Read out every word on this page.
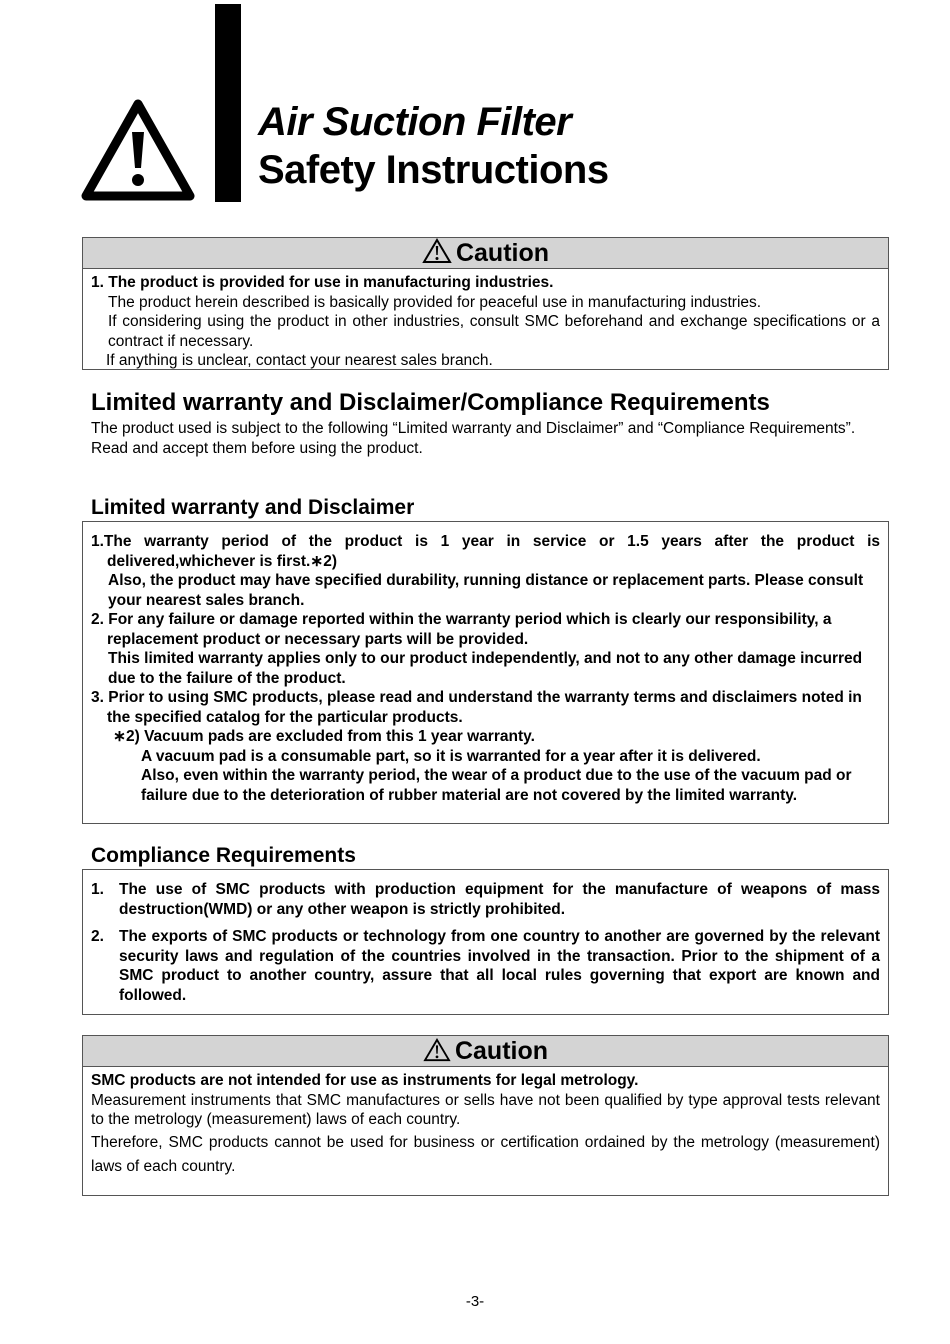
Air Suction Filter
Safety Instructions
Caution
1. The product is provided for use in manufacturing industries.
The product herein described is basically provided for peaceful use in manufacturing industries.
If considering using the product in other industries, consult SMC beforehand and exchange specifications or a contract if necessary.
If anything is unclear, contact your nearest sales branch.
Limited warranty and Disclaimer/Compliance Requirements
The product used is subject to the following “Limited warranty and Disclaimer” and “Compliance Requirements”.
Read and accept them before using the product.
Limited warranty and Disclaimer
1.The warranty period of the product is 1 year in service or 1.5 years after the product is delivered,whichever is first.∗2)
Also, the product may have specified durability, running distance or replacement parts. Please consult your nearest sales branch.
2. For any failure or damage reported within the warranty period which is clearly our responsibility, a replacement product or necessary parts will be provided.
This limited warranty applies only to our product independently, and not to any other damage incurred due to the failure of the product.
3. Prior to using SMC products, please read and understand the warranty terms and disclaimers noted in the specified catalog for the particular products.
∗2) Vacuum pads are excluded from this 1 year warranty.
A vacuum pad is a consumable part, so it is warranted for a year after it is delivered.
Also, even within the warranty period, the wear of a product due to the use of the vacuum pad or failure due to the deterioration of rubber material are not covered by the limited warranty.
Compliance Requirements
1. The use of SMC products with production equipment for the manufacture of weapons of mass destruction(WMD) or any other weapon is strictly prohibited.
2. The exports of SMC products or technology from one country to another are governed by the relevant security laws and regulation of the countries involved in the transaction. Prior to the shipment of a SMC product to another country, assure that all local rules governing that export are known and followed.
Caution
SMC products are not intended for use as instruments for legal metrology.
Measurement instruments that SMC manufactures or sells have not been qualified by type approval tests relevant to the metrology (measurement) laws of each country.
Therefore, SMC products cannot be used for business or certification ordained by the metrology (measurement) laws of each country.
-3-
